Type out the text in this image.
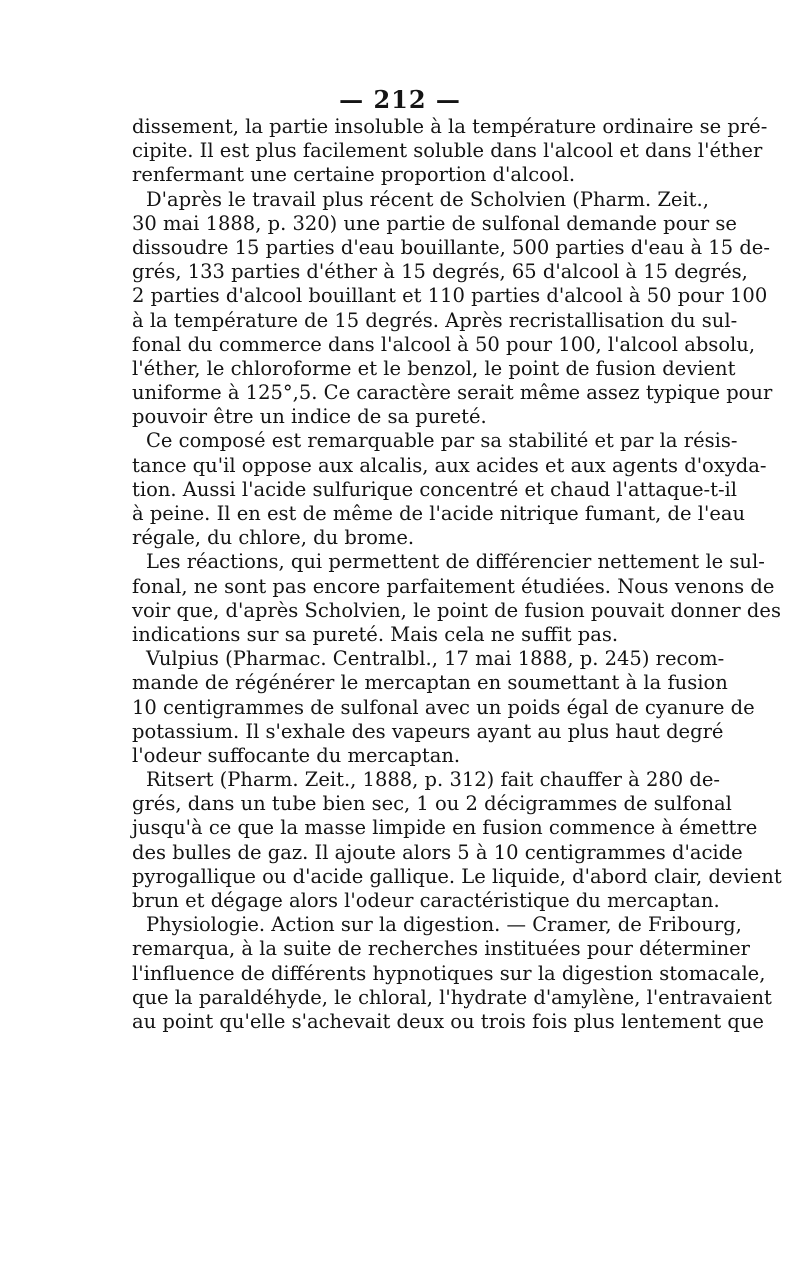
— 212 —
dissement, la partie insoluble à la température ordinaire se pré-
cipite. Il est plus facilement soluble dans l'alcool et dans l'éther
renfermant une certaine proportion d'alcool.
D'après le travail plus récent de Scholvien (Pharm. Zeit.,
30 mai 1888, p. 320) une partie de sulfonal demande pour se
dissoudre 15 parties d'eau bouillante, 500 parties d'eau à 15 de-
grés, 133 parties d'éther à 15 degrés, 65 d'alcool à 15 degrés,
2 parties d'alcool bouillant et 110 parties d'alcool à 50 pour 100
à la température de 15 degrés. Après recristallisation du sul-
fonal du commerce dans l'alcool à 50 pour 100, l'alcool absolu,
l'éther, le chloroforme et le benzol, le point de fusion devient
uniforme à 125°,5. Ce caractère serait même assez typique pour
pouvoir être un indice de sa pureté.
Ce composé est remarquable par sa stabilité et par la résis-
tance qu'il oppose aux alcalis, aux acides et aux agents d'oxyda-
tion. Aussi l'acide sulfurique concentré et chaud l'attaque-t-il
à peine. Il en est de même de l'acide nitrique fumant, de l'eau
régale, du chlore, du brome.
Les réactions, qui permettent de différencier nettement le sul-
fonal, ne sont pas encore parfaitement étudiées. Nous venons de
voir que, d'après Scholvien, le point de fusion pouvait donner des
indications sur sa pureté. Mais cela ne suffit pas.
Vulpius (Pharmac. Centralbl., 17 mai 1888, p. 245) recom-
mande de régénérer le mercaptan en soumettant à la fusion
10 centigrammes de sulfonal avec un poids égal de cyanure de
potassium. Il s'exhale des vapeurs ayant au plus haut degré
l'odeur suffocante du mercaptan.
Ritsert (Pharm. Zeit., 1888, p. 312) fait chauffer à 280 de-
grés, dans un tube bien sec, 1 ou 2 décigrammes de sulfonal
jusqu'à ce que la masse limpide en fusion commence à émettre
des bulles de gaz. Il ajoute alors 5 à 10 centigrammes d'acide
pyrogallique ou d'acide gallique. Le liquide, d'abord clair, devient
brun et dégage alors l'odeur caractéristique du mercaptan.
Physiologie. Action sur la digestion. — Cramer, de Fribourg,
remarqua, à la suite de recherches instituées pour déterminer
l'influence de différents hypnotiques sur la digestion stomacale,
que la paraldéhyde, le chloral, l'hydrate d'amylène, l'entravaient
au point qu'elle s'achevait deux ou trois fois plus lentement que
